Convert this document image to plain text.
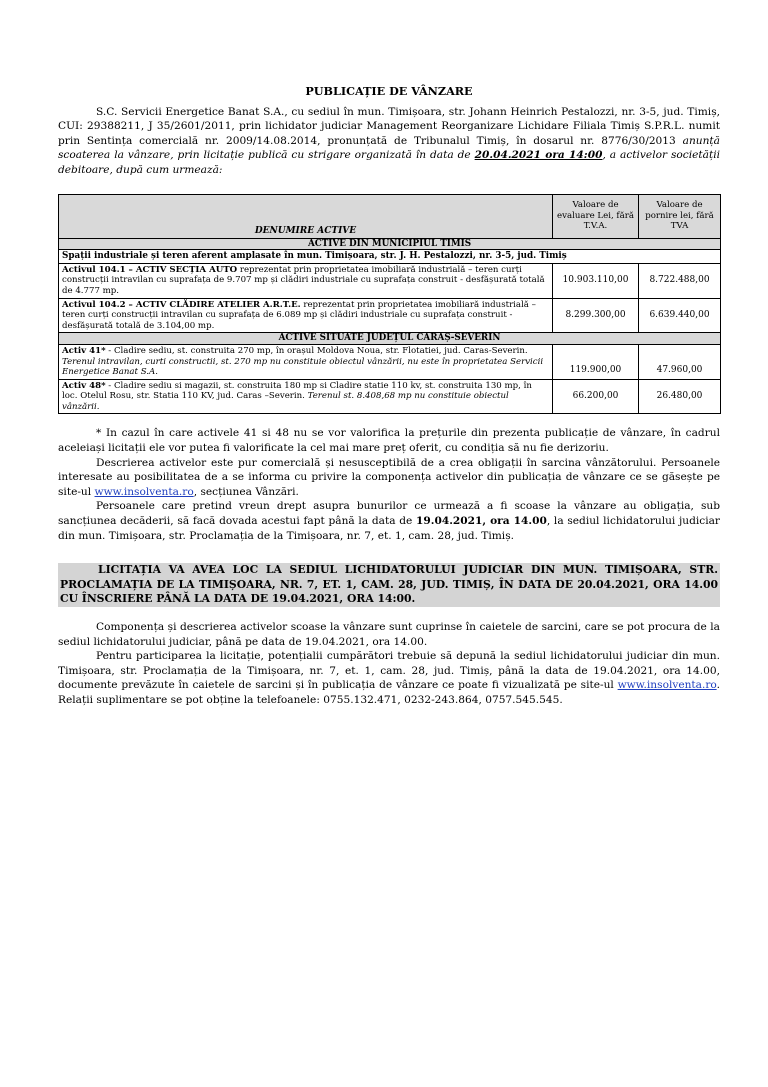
PUBLICAȚIE DE VÂNZARE

S.C. Servicii Energetice Banat S.A., cu sediul în mun. Timișoara, str. Johann Heinrich Pestalozzi, nr. 3-5, jud. Timiș, CUI: 29388211, J 35/2601/2011, prin lichidator judiciar Management Reorganizare Lichidare Filiala Timiș S.P.R.L. numit prin Sentința comercială nr. 2009/14.08.2014, pronunțată de Tribunalul Timiș, în dosarul nr. 8776/30/2013 anunță scoaterea la vânzare, prin licitație publică cu strigare organizată în data de 20.04.2021 ora 14:00, a activelor societății debitoare, după cum urmează:

DENUMIRE ACTIVE	Valoare de evaluare Lei, fără T.V.A.	Valoare de pornire lei, fără TVA
ACTIVE DIN MUNICIPIUL TIMIS		
Spații industriale și teren aferent amplasate în mun. Timișoara, str. J. H. Pestalozzi, nr. 3-5, jud. Timiș		
Activul 104.1 – ACTIV SECȚIA AUTO reprezentat prin proprietatea imobiliară industrială – teren curți construcții intravilan cu suprafața de 9.707 mp și clădiri industriale cu suprafața construit - desfășurată totală de 4.777 mp.	10.903.110,00	8.722.488,00
Activul 104.2 – ACTIV CLĂDIRE ATELIER A.R.T.E. reprezentat prin proprietatea imobiliară industrială – teren curți construcții intravilan cu suprafața de 6.089 mp și clădiri industriale cu suprafața construit - desfășurată totală de 3.104,00 mp.	8.299.300,00	6.639.440,00
ACTIVE SITUATE JUDEȚUL CARAȘ-SEVERIN		
Activ 41* - Cladire sediu, st. construita 270 mp, în orașul Moldova Noua, str. Flotatiei, jud. Caras-Severin. Terenul intravilan, curti constructii, st. 270 mp nu constituie obiectul vânzării, nu este în proprietatea Servicii Energetice Banat S.A.	119.900,00	47.960,00
Activ 48* - Cladire sediu si magazii, st. construita 180 mp si Cladire statie 110 kv, st. construita 130 mp, în loc. Otelul Rosu, str. Statia 110 KV, jud. Caras –Severin. Terenul st. 8.408,68 mp nu constituie obiectul vânzării.	66.200,00	26.480,00

* In cazul în care activele 41 si 48 nu se vor valorifica la prețurile din prezenta publicație de vânzare, în cadrul aceleiași licitații ele vor putea fi valorificate la cel mai mare preț oferit, cu condiția să nu fie derizoriu.

Descrierea activelor este pur comercială și nesusceptibilă de a crea obligații în sarcina vânzătorului. Persoanele interesate au posibilitatea de a se informa cu privire la componența activelor din publicația de vânzare ce se găsește pe site-ul www.insolventa.ro, secțiunea Vânzări.

Persoanele care pretind vreun drept asupra bunurilor ce urmează a fi scoase la vânzare au obligația, sub sancțiunea decăderii, să facă dovada acestui fapt până la data de 19.04.2021, ora 14.00, la sediul lichidatorului judiciar din mun. Timișoara, str. Proclamația de la Timișoara, nr. 7, et. 1, cam. 28, jud. Timiș.

LICITAȚIA VA AVEA LOC LA SEDIUL LICHIDATORULUI JUDICIAR DIN MUN. TIMIȘOARA, STR. PROCLAMAȚIA DE LA TIMIȘOARA, NR. 7, ET. 1, CAM. 28, JUD. TIMIȘ, ÎN DATA DE 20.04.2021, ORA 14.00 CU ÎNSCRIERE PÂNĂ LA DATA DE 19.04.2021, ORA 14:00.

Componența și descrierea activelor scoase la vânzare sunt cuprinse în caietele de sarcini, care se pot procura de la sediul lichidatorului judiciar, până pe data de 19.04.2021, ora 14.00.

Pentru participarea la licitație, potențialii cumpărători trebuie să depună la sediul lichidatorului judiciar din mun. Timișoara, str. Proclamația de la Timișoara, nr. 7, et. 1, cam. 28, jud. Timiș, până la data de 19.04.2021, ora 14.00, documente prevăzute în caietele de sarcini și în publicația de vânzare ce poate fi vizualizată pe site-ul www.insolventa.ro. Relații suplimentare se pot obține la telefoanele: 0755.132.471, 0232-243.864, 0757.545.545.
